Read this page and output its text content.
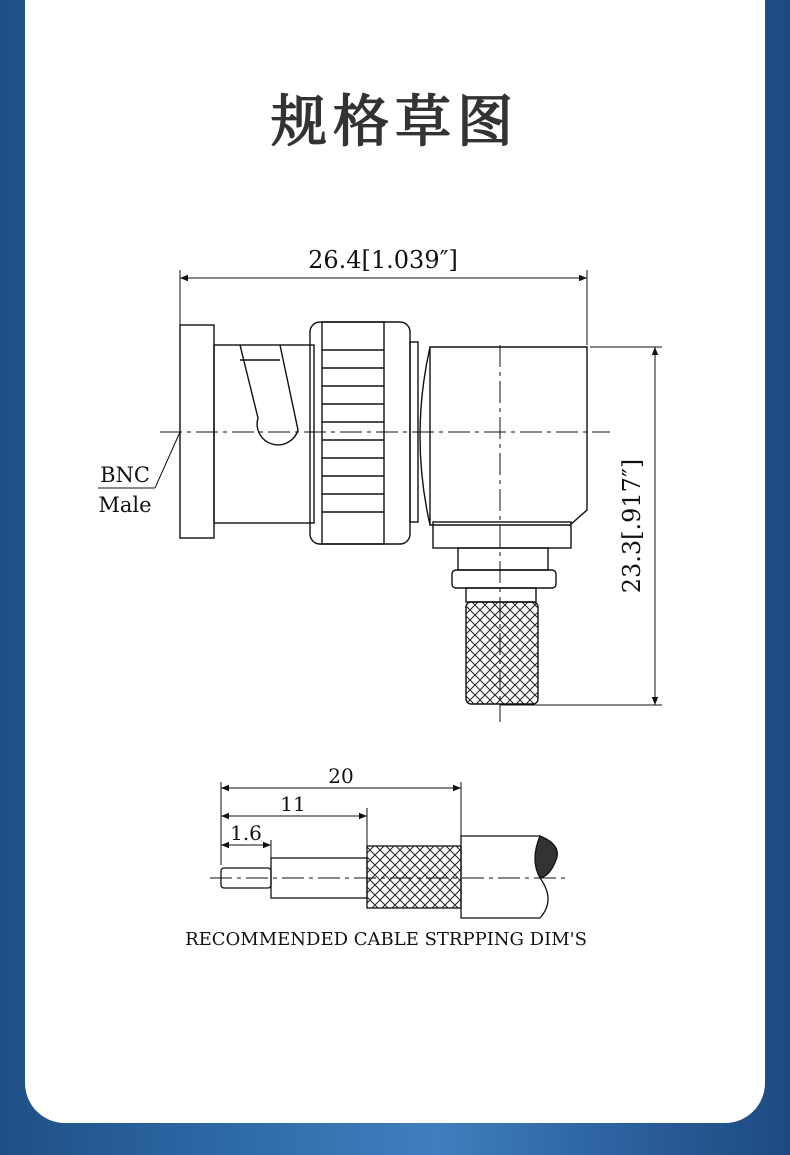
规格草图
26.4[1.039″]
23.3[.917″]
BNC
Male
20
11
1.6
RECOMMENDED CABLE STRPPING DIM'S
